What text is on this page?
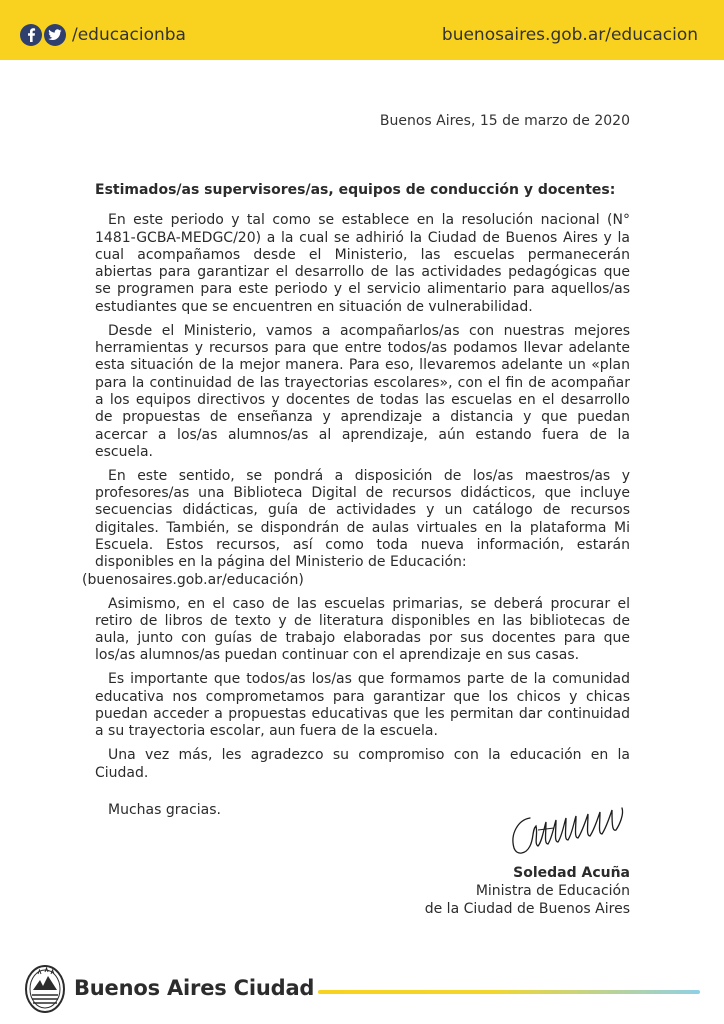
/educacionba	buenosaires.gob.ar/educacion
Buenos Aires, 15 de marzo de 2020

Estimados/as supervisores/as, equipos de conducción y docentes:

En este periodo y tal como se establece en la resolución nacional (N° 1481-GCBA-MEDGC/20) a la cual se adhirió la Ciudad de Buenos Aires y la cual acompañamos desde el Ministerio, las escuelas permanecerán abiertas para garantizar el desarrollo de las actividades pedagógicas que se programen para este periodo y el servicio alimentario para aquellos/as estudiantes que se encuentren en situación de vulnerabilidad.

Desde el Ministerio, vamos a acompañarlos/as con nuestras mejores herramientas y recursos para que entre todos/as podamos llevar adelante esta situación de la mejor manera. Para eso, llevaremos adelante un «plan para la continuidad de las trayectorias escolares», con el fin de acompañar a los equipos directivos y docentes de todas las escuelas en el desarrollo de propuestas de enseñanza y aprendizaje a distancia y que puedan acercar a los/as alumnos/as al aprendizaje, aún estando fuera de la escuela.

En este sentido, se pondrá a disposición de los/as maestros/as y profesores/as una Biblioteca Digital de recursos didácticos, que incluye secuencias didácticas, guía de actividades y un catálogo de recursos digitales. También, se dispondrán de aulas virtuales en la plataforma Mi Escuela. Estos recursos, así como toda nueva información, estarán disponibles en la página del Ministerio de Educación:
(buenosaires.gob.ar/educación)

Asimismo, en el caso de las escuelas primarias, se deberá procurar el retiro de libros de texto y de literatura disponibles en las bibliotecas de aula, junto con guías de trabajo elaboradas por sus docentes para que los/as alumnos/as puedan continuar con el aprendizaje en sus casas.

Es importante que todos/as los/as que formamos parte de la comunidad educativa nos comprometamos para garantizar que los chicos y chicas puedan acceder a propuestas educativas que les permitan dar continuidad a su trayectoria escolar, aun fuera de la escuela.

Una vez más, les agradezco su compromiso con la educación en la Ciudad.

Muchas gracias.

Soledad Acuña
Ministra de Educación
de la Ciudad de Buenos Aires
Buenos Aires Ciudad
